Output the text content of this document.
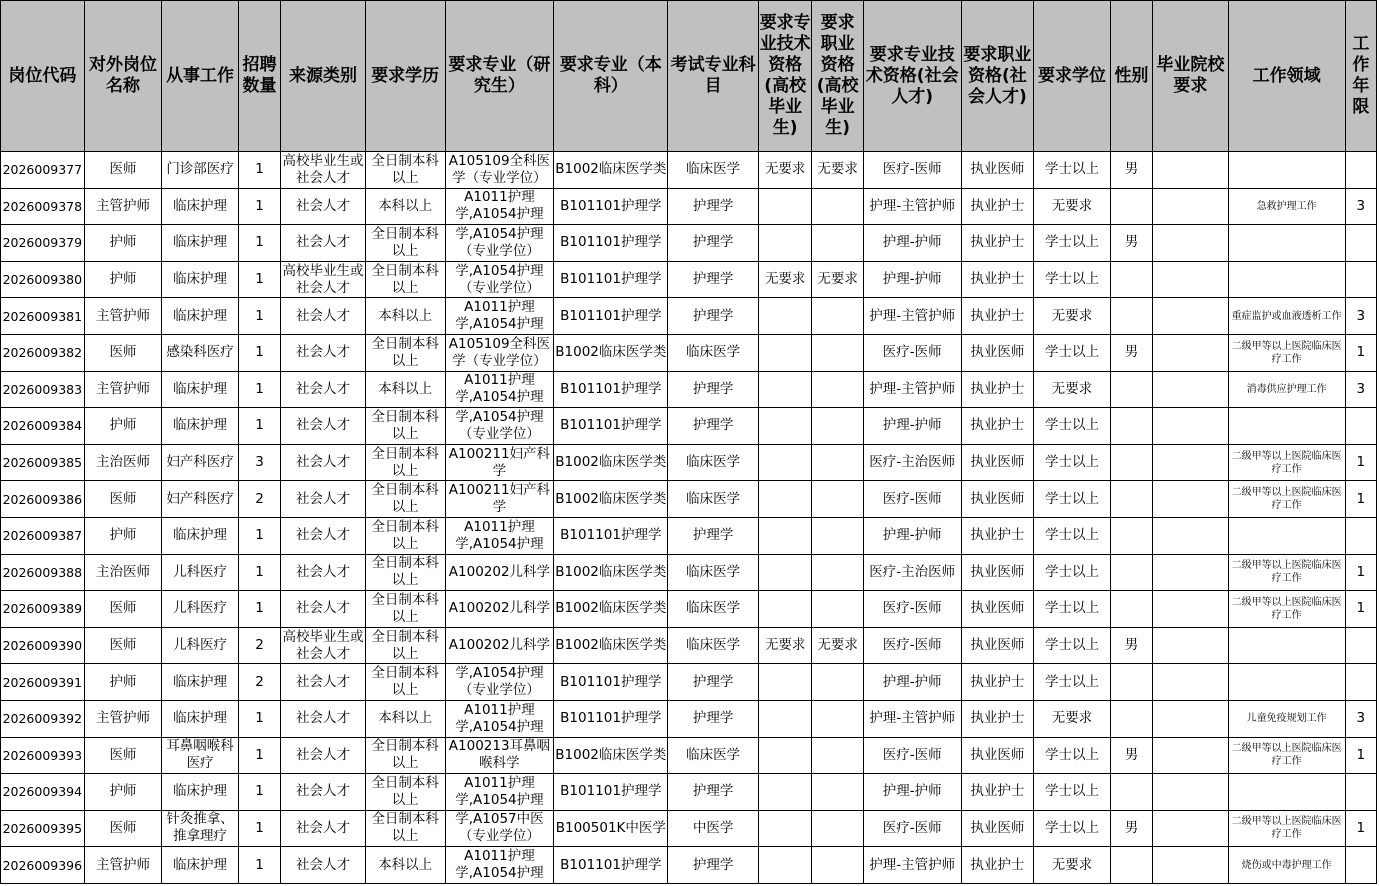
岗位代码	对外岗位名称	从事工作	招聘数量	来源类别	要求学历	要求专业（研究生）	要求专业（本科）	考试专业科目	要求专业技术资格(高校毕业生)	要求职业资格(高校毕业生)	要求专业技术资格(社会人才)	要求职业资格(社会人才)	要求学位	性别	毕业院校要求	工作领域	工作年限

2026009377	医师	门诊部医疗	1	高校毕业生或社会人才	全日制本科以上	A105109全科医学（专业学位）	B1002临床医学类	临床医学	无要求	无要求	医疗-医师	执业医师	学士以上	男			

2026009378	主管护师	临床护理	1	社会人才	本科以上	A1011护理学,A1054护理	B101101护理学	护理学			护理-主管护师	执业护士	无要求			急救护理工作	3

2026009379	护师	临床护理	1	社会人才	全日制本科以上	学,A1054护理（专业学位）	B101101护理学	护理学			护理-护师	执业护士	学士以上	男			

2026009380	护师	临床护理	1	高校毕业生或社会人才	全日制本科以上	学,A1054护理（专业学位）	B101101护理学	护理学	无要求	无要求	护理-护师	执业护士	学士以上				

2026009381	主管护师	临床护理	1	社会人才	本科以上	A1011护理学,A1054护理	B101101护理学	护理学			护理-主管护师	执业护士	无要求			重症监护或血液透析工作	3

2026009382	医师	感染科医疗	1	社会人才	全日制本科以上	A105109全科医学（专业学位）	B1002临床医学类	临床医学			医疗-医师	执业医师	学士以上	男		二级甲等以上医院临床医疗工作	1

2026009383	主管护师	临床护理	1	社会人才	本科以上	A1011护理学,A1054护理	B101101护理学	护理学			护理-主管护师	执业护士	无要求			消毒供应护理工作	3

2026009384	护师	临床护理	1	社会人才	全日制本科以上	学,A1054护理（专业学位）	B101101护理学	护理学			护理-护师	执业护士	学士以上				

2026009385	主治医师	妇产科医疗	3	社会人才	全日制本科以上	A100211妇产科学	B1002临床医学类	临床医学			医疗-主治医师	执业医师	学士以上			二级甲等以上医院临床医疗工作	1

2026009386	医师	妇产科医疗	2	社会人才	全日制本科以上	A100211妇产科学	B1002临床医学类	临床医学			医疗-医师	执业医师	学士以上			二级甲等以上医院临床医疗工作	1

2026009387	护师	临床护理	1	社会人才	全日制本科以上	A1011护理学,A1054护理	B101101护理学	护理学			护理-护师	执业护士	学士以上				

2026009388	主治医师	儿科医疗	1	社会人才	全日制本科以上	A100202儿科学	B1002临床医学类	临床医学			医疗-主治医师	执业医师	学士以上			二级甲等以上医院临床医疗工作	1

2026009389	医师	儿科医疗	1	社会人才	全日制本科以上	A100202儿科学	B1002临床医学类	临床医学			医疗-医师	执业医师	学士以上			二级甲等以上医院临床医疗工作	1

2026009390	医师	儿科医疗	2	高校毕业生或社会人才	全日制本科以上	A100202儿科学	B1002临床医学类	临床医学	无要求	无要求	医疗-医师	执业医师	学士以上	男			

2026009391	护师	临床护理	2	社会人才	全日制本科以上	学,A1054护理（专业学位）	B101101护理学	护理学			护理-护师	执业护士	学士以上				

2026009392	主管护师	临床护理	1	社会人才	本科以上	A1011护理学,A1054护理	B101101护理学	护理学			护理-主管护师	执业护士	无要求			儿童免疫规划工作	3

2026009393	医师	耳鼻咽喉科医疗	1	社会人才	全日制本科以上	A100213耳鼻咽喉科学	B1002临床医学类	临床医学			医疗-医师	执业医师	学士以上	男		二级甲等以上医院临床医疗工作	1

2026009394	护师	临床护理	1	社会人才	全日制本科以上	A1011护理学,A1054护理	B101101护理学	护理学			护理-护师	执业护士	学士以上				

2026009395	医师	针灸推拿、推拿理疗	1	社会人才	全日制本科以上	学,A1057中医（专业学位）	B100501K中医学	中医学			医疗-医师	执业医师	学士以上	男		二级甲等以上医院临床医疗工作	1

2026009396	主管护师	临床护理	1	社会人才	本科以上	A1011护理学,A1054护理	B101101护理学	护理学			护理-主管护师	执业护士	无要求			烧伤或中毒护理工作	
